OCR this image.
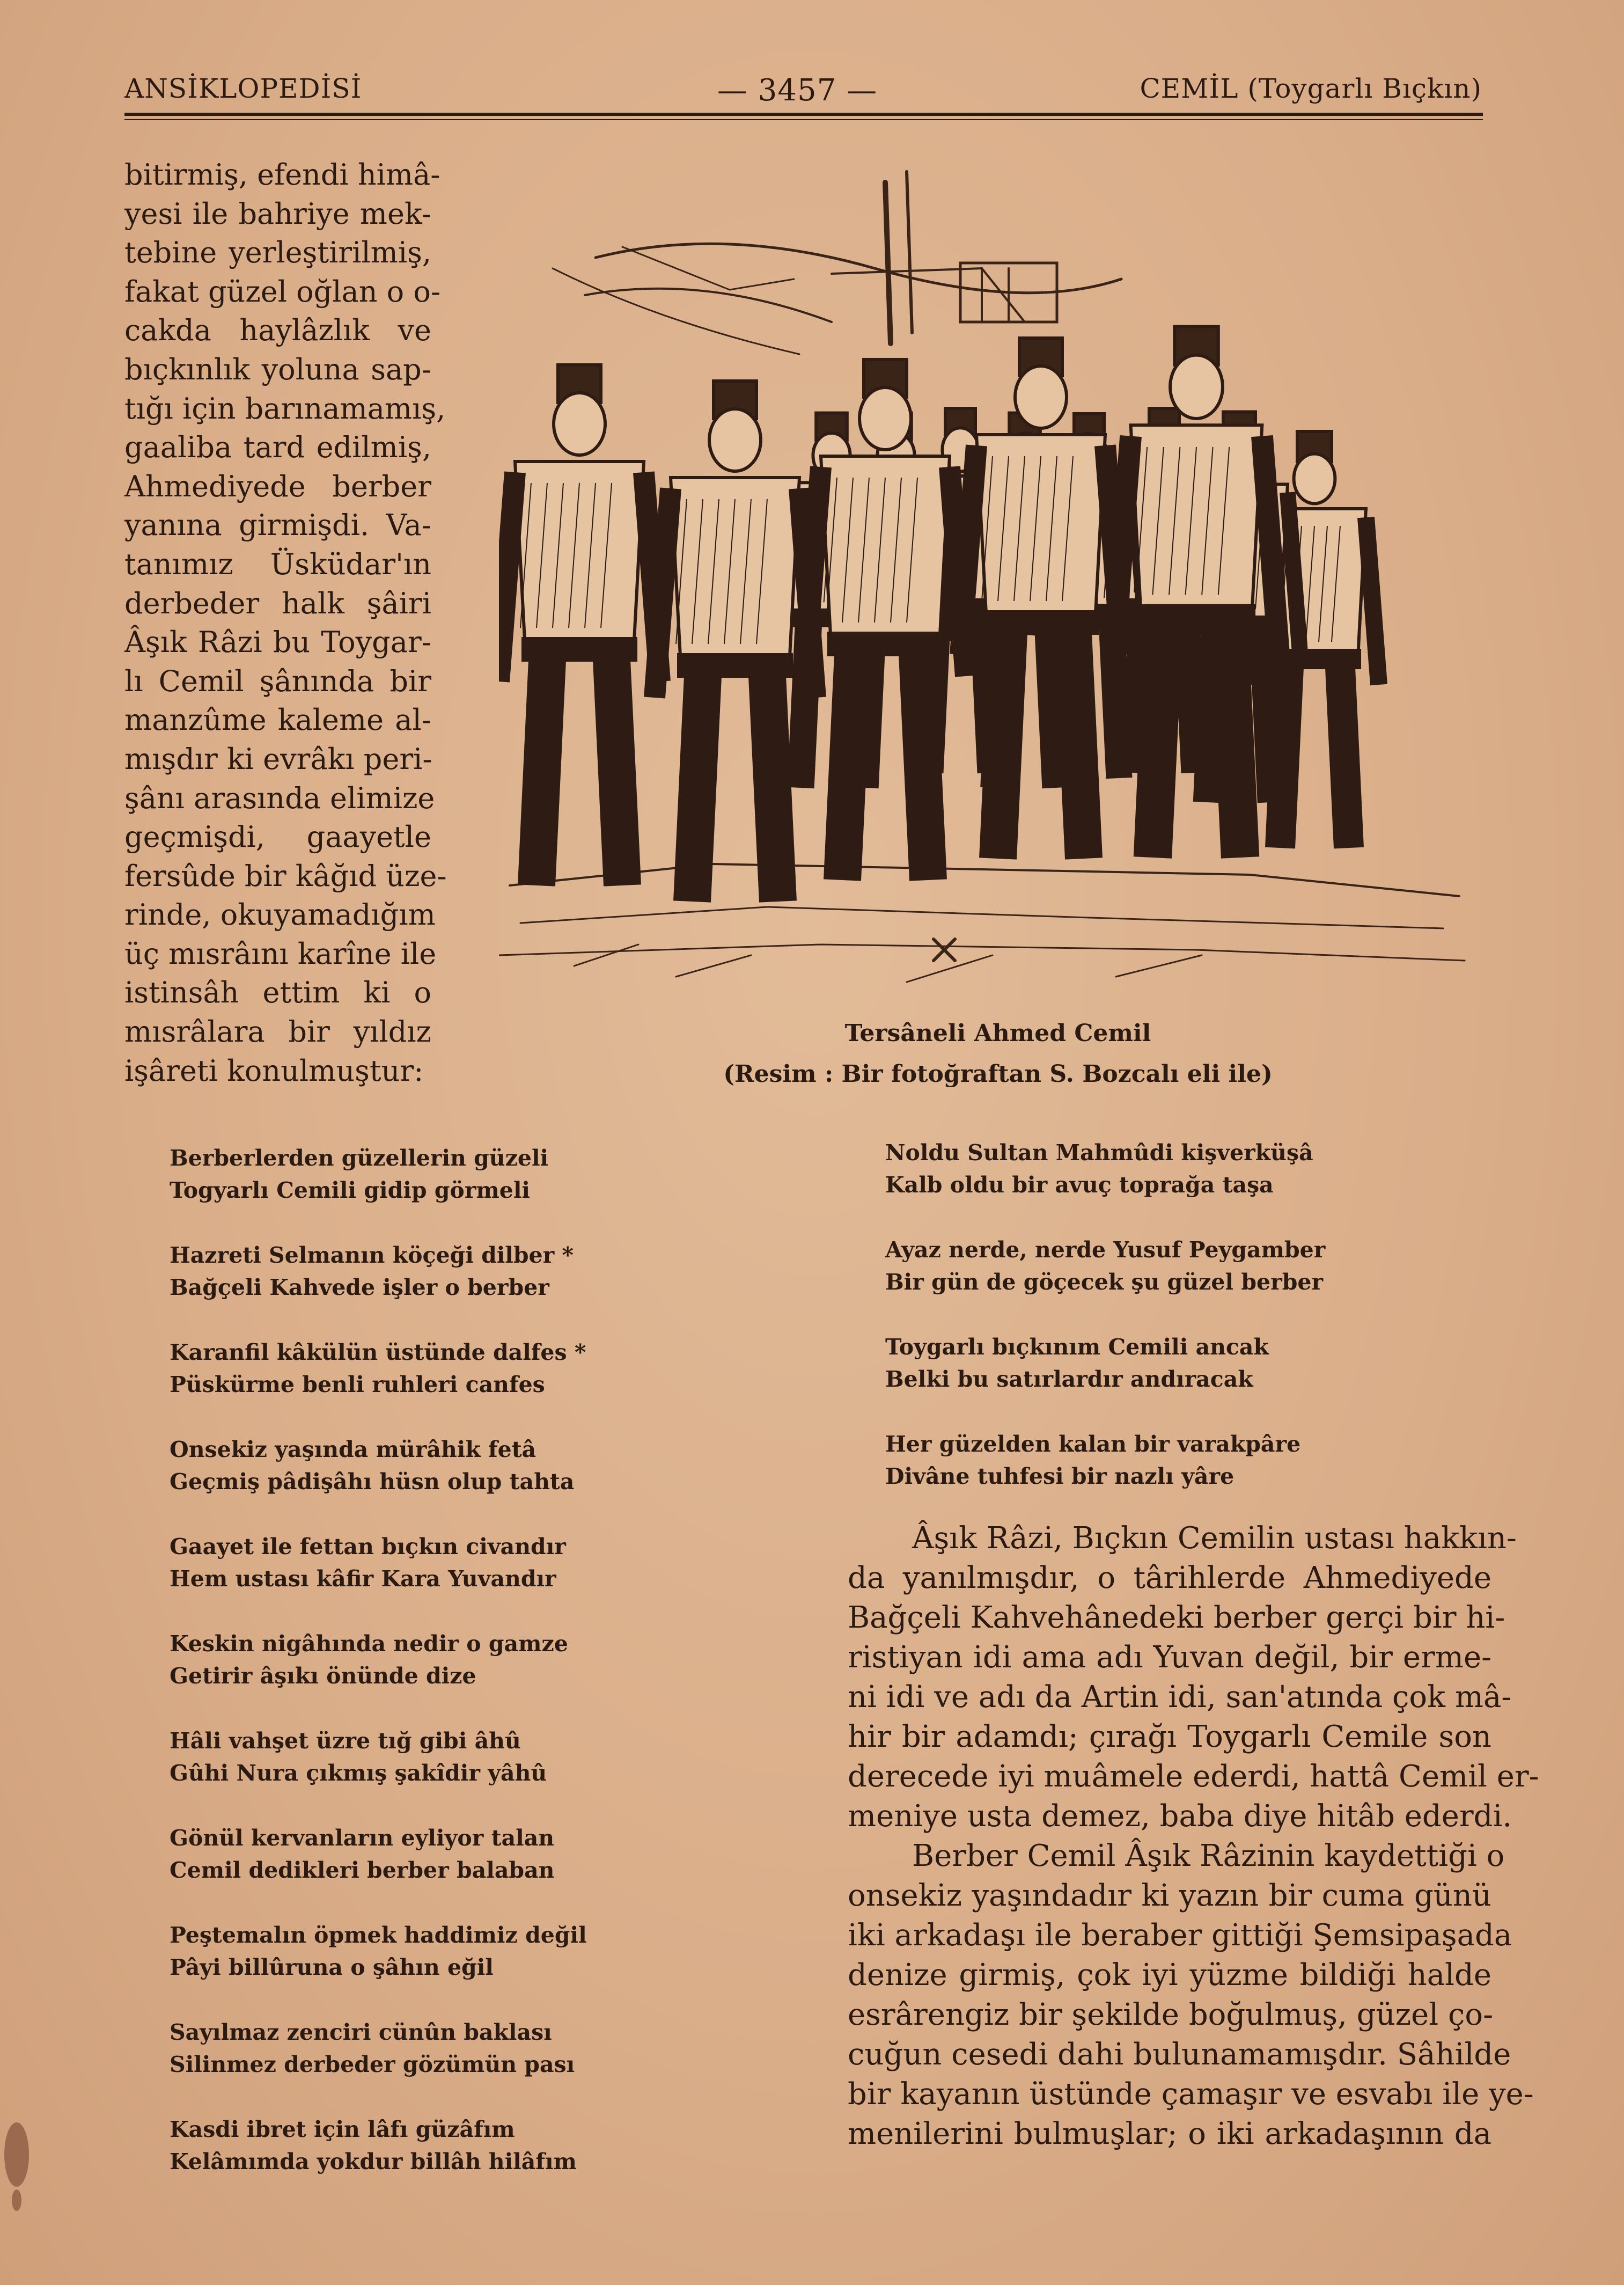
ANSİKLOPEDİSİ	— 3457 —	CEMİL (Toygarlı Bıçkın)
bitirmiş, efendi himâ-
yesi ile bahriye mek-
tebine yerleştirilmiş,
fakat güzel oğlan o o-
cakda haylâzlık ve
bıçkınlık yoluna sap-
tığı için barınamamış,
gaaliba tard edilmiş,
Ahmediyede berber
yanına girmişdi. Va-
tanımız Üsküdar'ın
derbeder halk şâiri
Âşık Râzi bu Toygar-
lı Cemil şânında bir
manzûme kaleme al-
mışdır ki evrâkı peri-
şânı arasında elimize
geçmişdi, gaayetle
fersûde bir kâğıd üze-
rinde, okuyamadığım
üç mısrâını karîne ile
istinsâh ettim ki o
mısrâlara bir yıldız
işâreti konulmuştur:
Tersâneli Ahmed Cemil
(Resim : Bir fotoğraftan S. Bozcalı eli ile)
Berberlerden güzellerin güzeli
Togyarlı Cemili gidip görmeli
Hazreti Selmanın köçeği dilber *
Bağçeli Kahvede işler o berber
Karanfil kâkülün üstünde dalfes *
Püskürme benli ruhleri canfes
Onsekiz yaşında mürâhik fetâ
Geçmiş pâdişâhı hüsn olup tahta
Gaayet ile fettan bıçkın civandır
Hem ustası kâfir Kara Yuvandır
Keskin nigâhında nedir o gamze
Getirir âşıkı önünde dize
Hâli vahşet üzre tığ gibi âhû
Gûhi Nura çıkmış şakîdir yâhû
Gönül kervanların eyliyor talan
Cemil dedikleri berber balaban
Peştemalın öpmek haddimiz değil
Pâyi billûruna o şâhın eğil
Sayılmaz zenciri cünûn baklası
Silinmez derbeder gözümün pası
Kasdi ibret için lâfı güzâfım
Kelâmımda yokdur billâh hilâfım
Noldu Sultan Mahmûdi kişverküşâ
Kalb oldu bir avuç toprağa taşa
Ayaz nerde, nerde Yusuf Peygamber
Bir gün de göçecek şu güzel berber
Toygarlı bıçkınım Cemili ancak
Belki bu satırlardır andıracak
Her güzelden kalan bir varakpâre
Divâne tuhfesi bir nazlı yâre
Âşık Râzi, Bıçkın Cemilin ustası hakkın-
da yanılmışdır, o târihlerde Ahmediyede
Bağçeli Kahvehânedeki berber gerçi bir hi-
ristiyan idi ama adı Yuvan değil, bir erme-
ni idi ve adı da Artin idi, san'atında çok mâ-
hir bir adamdı; çırağı Toygarlı Cemile son
derecede iyi muâmele ederdi, hattâ Cemil er-
meniye usta demez, baba diye hitâb ederdi.
Berber Cemil Âşık Râzinin kaydettiği o
onsekiz yaşındadır ki yazın bir cuma günü
iki arkadaşı ile beraber gittiği Şemsipaşada
denize girmiş, çok iyi yüzme bildiği halde
esrârengiz bir şekilde boğulmuş, güzel ço-
cuğun cesedi dahi bulunamamışdır. Sâhilde
bir kayanın üstünde çamaşır ve esvabı ile ye-
menilerini bulmuşlar; o iki arkadaşının da
